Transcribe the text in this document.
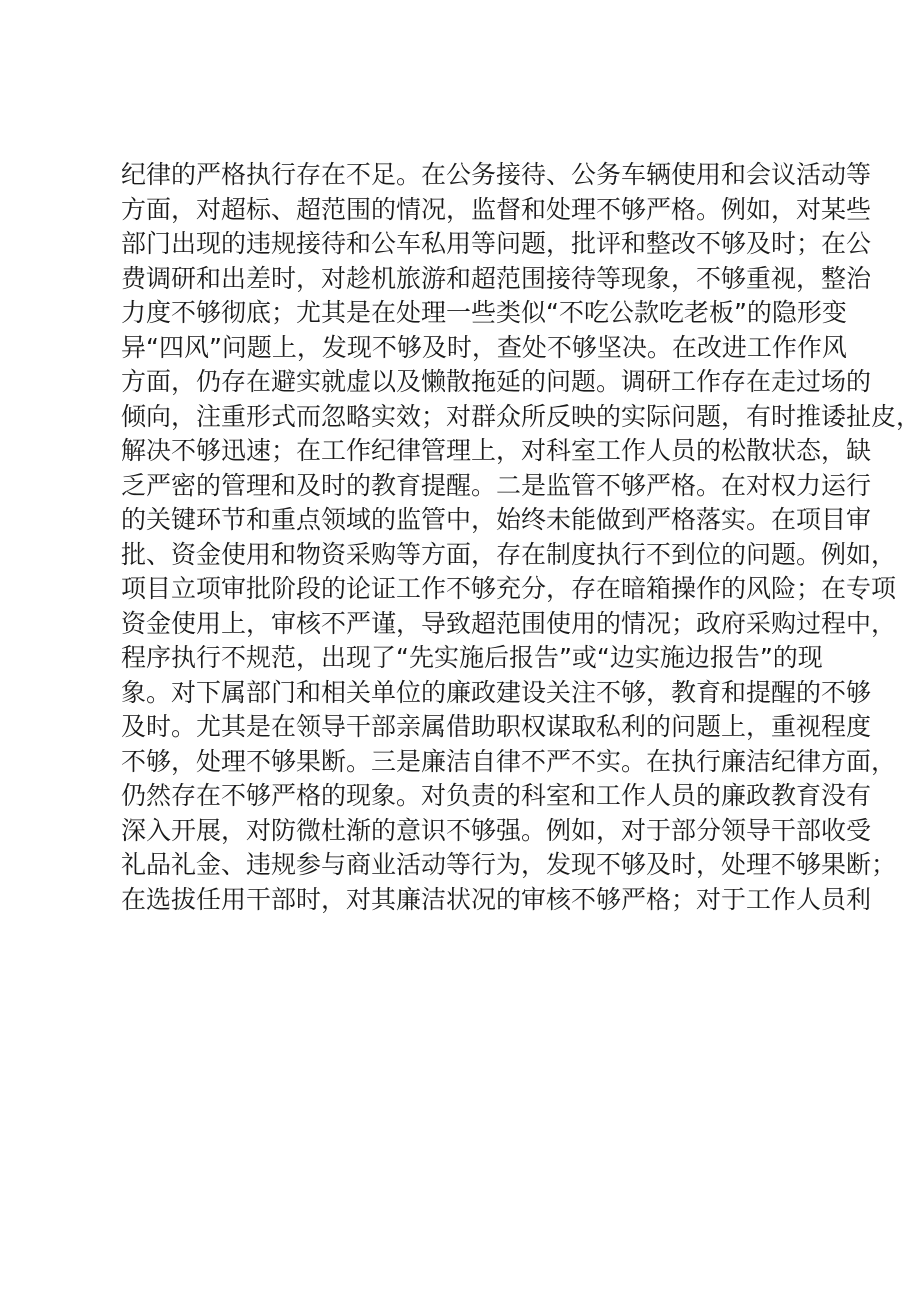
纪律的严格执行存在不足。在公务接待、公务车辆使用和会议活动等
方面，对超标、超范围的情况，监督和处理不够严格。例如，对某些
部门出现的违规接待和公车私用等问题，批评和整改不够及时；在公
费调研和出差时，对趁机旅游和超范围接待等现象，不够重视，整治
力度不够彻底；尤其是在处理一些类似“不吃公款吃老板”的隐形变
异“四风”问题上，发现不够及时，查处不够坚决。在改进工作作风
方面，仍存在避实就虚以及懒散拖延的问题。调研工作存在走过场的
倾向，注重形式而忽略实效；对群众所反映的实际问题，有时推诿扯皮，
解决不够迅速；在工作纪律管理上，对科室工作人员的松散状态，缺
乏严密的管理和及时的教育提醒。二是监管不够严格。在对权力运行
的关键环节和重点领域的监管中，始终未能做到严格落实。在项目审
批、资金使用和物资采购等方面，存在制度执行不到位的问题。例如，
项目立项审批阶段的论证工作不够充分，存在暗箱操作的风险；在专项
资金使用上，审核不严谨，导致超范围使用的情况；政府采购过程中，
程序执行不规范，出现了“先实施后报告”或“边实施边报告”的现
象。对下属部门和相关单位的廉政建设关注不够，教育和提醒的不够
及时。尤其是在领导干部亲属借助职权谋取私利的问题上，重视程度
不够，处理不够果断。三是廉洁自律不严不实。在执行廉洁纪律方面，
仍然存在不够严格的现象。对负责的科室和工作人员的廉政教育没有
深入开展，对防微杜渐的意识不够强。例如，对于部分领导干部收受
礼品礼金、违规参与商业活动等行为，发现不够及时，处理不够果断；
在选拔任用干部时，对其廉洁状况的审核不够严格；对于工作人员利
